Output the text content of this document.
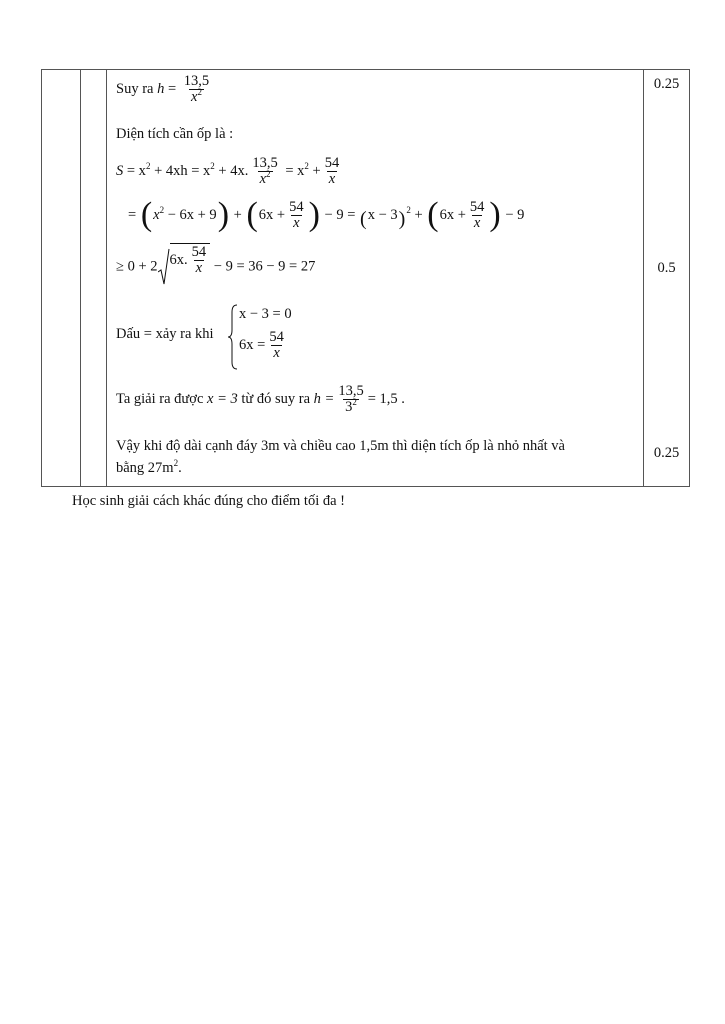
Suy ra $h = \frac{13,5}{x^2}$
Diện tích cần ốp là :
$S = x^2 + 4xh = x^2 + 4x$. $\frac{13,5}{x^2} = x^2 + \frac{54}{x}$
= $(x^2 - 6x + 9) + (6x + \frac{54}{x}$ ) − $9 = (x - 3)^2 + (6x + \frac{54}{x}$ ) − 9
≥ 0 + 2 6x. $\frac{54}{x} - 9 = 36 - 9 = 27$
Dấu = xảy ra khi
x − 3 = 0
$6x = \frac{54}{x}$
Ta giải ra được x = 3 từ đó suy ra $h = \frac{13,5}{3^2} = 1,5$ .
Vậy khi độ dài cạnh đáy 3m và chiều cao 1,5m thì diện tích ốp là nhỏ nhất và
bằng $27m^2$.
0.25
0.5
0.25
Học sinh giải cách khác đúng cho điểm tối đa !
